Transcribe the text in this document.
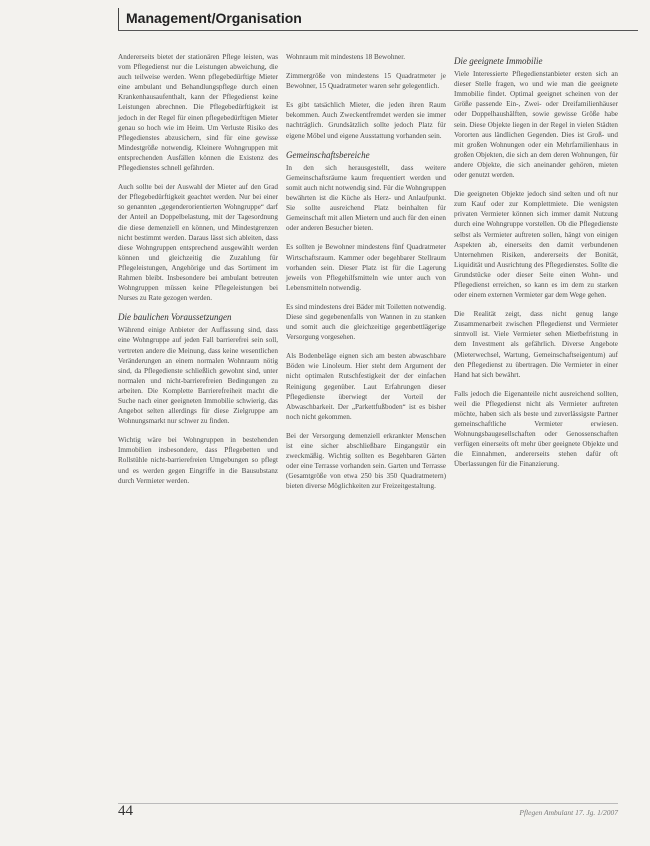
Management/Organisation

Andererseits bietet der stationären Pflege leisten, was vom Pflegedienst nur die Leistungen abweichung, die auch teilweise werden. Wenn pflegebedürftige Mieter eine ambulant und Behandlungspflege durch einen Krankenhausaufenthalt, kann der Pflegedienst keine Leistungen abrechnen. Die Pflegebedürftigkeit ist jedoch in der Regel für einen pflegebedürftigen Mieter genau so hoch wie im Heim. Um Verluste Risiko des Pflegedienstes abzusichern, sind für eine gewisse Mindestgröße notwendig. Kleinere Wohngruppen mit entsprechenden Ausfällen können die Existenz des Pflegedienstes schnell gefährden.

Auch sollte bei der Auswahl der Mieter auf den Grad der Pflegebedürftigkeit geachtet werden. Nur bei einer so genannten „gegenderorientierten Wohngruppe“ darf der Anteil an Doppelbelastung, mit der Tagesordnung die diese demenziell en können, und Mindestgrenzen nicht bestimmt werden. Daraus lässt sich ableiten, dass diese Wohngruppen entsprechend ausgewählt werden können und gleichzeitig die Zuzahlung für Pflegeleistungen, Angehörige und das Sortiment im Rahmen bleibt. Insbesondere bei ambulant betreuten Wohngruppen müssen keine Pflegeleistungen bei Nurses zu Rate gezogen werden.

Die baulichen Voraussetzungen

Während einige Anbieter der Auffassung sind, dass eine Wohngruppe auf jeden Fall barrierefrei sein soll, vertreten andere die Meinung, dass keine wesentlichen Veränderungen an einem normalen Wohnraum nötig sind, da Pflegedienste schließlich gewohnt sind, unter normalen und nicht-barrierefreien Bedingungen zu arbeiten. Die Komplette Barrierefreiheit macht die Suche nach einer geeigneten Immobilie schwierig, das Angebot selten allerdings für diese Zielgruppe am Wohnungsmarkt nur schwer zu finden.

Wichtig wäre bei Wohngruppen in bestehenden Immobilien insbesondere, dass Pflegebetten und Rollstühle nicht-barrierefreien Umgebungen so pflegt und es werden gegen Eingriffe in die Bausubstanz durch Vermieter werden.

Wohnraum mit mindestens 18 Bewohner.

Zimmergröße von mindestens 15 Quadratmeter je Bewohner, 15 Quadratmeter waren sehr gelegentlich.

Es gibt tatsächlich Mieter, die jeden ihren Raum bekommen. Auch Zweckentfremdet werden sie immer nachträglich. Grundsätzlich sollte jedoch Platz für eigene Möbel und eigene Ausstattung vorhanden sein.

Gemeinschaftsbereiche

In den sich herausgestellt, dass weitere Gemeinschaftsräume kaum frequentiert werden und somit auch nicht notwendig sind. Für die Wohngruppen bewährten ist die Küche als Herz- und Anlaufpunkt. Sie sollte ausreichend Platz beinhalten für Gemeinschaft mit allen Mietern und auch für den einen oder anderen Besucher bieten.

Es sollten je Bewohner mindestens fünf Quadratmeter Wirtschaftsraum. Kammer oder begehbarer Stellraum vorhanden sein. Dieser Platz ist für die Lagerung jeweils von Pflegehilfsmitteln wie unter auch von Lebensmitteln notwendig.

Es sind mindestens drei Bäder mit Toiletten notwendig. Diese sind gegebenenfalls von Wannen in zu stanken und somit auch die gleichzeitige gegenbettlägerige Versorgung vorgesehen.

Als Bodenbeläge eignen sich am besten abwaschbare Böden wie Linoleum. Hier steht dem Argument der nicht optimalen Rutschfestigkeit der der einfachen Reinigung gegenüber. Laut Erfahrungen dieser Pflegedienste überwiegt der Vorteil der Abwaschbarkeit. Der „Parkettfußboden“ ist es bisher noch nicht gekommen.

Bei der Versorgung demenziell erkrankter Menschen ist eine sicher abschließbare Eingangstür ein zweckmäßig. Wichtig sollten es Begehbaren Gärten oder eine Terrasse vorhanden sein. Garten und Terrasse (Gesamtgröße von etwa 250 bis 350 Quadratmetern) bieten diverse Möglichkeiten zur Freizeitgestaltung.

Die geeignete Immobilie

Viele Interessierte Pflegedienstanbieter ersten sich an dieser Stelle fragen, wo und wie man die geeignete Immobilie findet. Optimal geeignet scheinen von der Größe passende Ein-, Zwei- oder Dreifamilienhäuser oder Doppelhaushälften, sowie gewisse Größe habe sein. Diese Objekte liegen in der Regel in vielen Städten Vororten aus ländlichen Gegenden. Dies ist Groß- und mit großen Wohnungen oder ein Mehrfamilienhaus in großen Objekten, die sich an dem deren Wohnungen, für andere Objekte, die sich aneinander gehören, mieten oder genutzt werden.

Die geeigneten Objekte jedoch sind selten und oft nur zum Kauf oder zur Komplettmiete. Die wenigsten privaten Vermieter können sich immer damit Nutzung durch eine Wohngruppe vorstellen. Ob die Pflegedienste selbst als Vermieter auftreten sollen, hängt von einigen Aspekten ab, einerseits den damit verbundenen Unternehmen Risiken, andererseits der Bonität, Liquidität und Ausrichtung des Pflegedienstes. Sollte die Grundstücke oder dieser Seite einen Wohn- und Pflegedienst erreichen, so kann es im dem zu starken oder einem externen Vermieter gar dem Wege gehen.

Die Realität zeigt, dass nicht genug lange Zusammenarbeit zwischen Pflegedienst und Vermieter sinnvoll ist. Viele Vermieter sehen Mietbefristung in dem Investment als gefährlich. Diverse Angebote (Mieterwechsel, Wartung, Gemeinschaftseigentum) auf den Pflegedienst zu übertragen. Die Vermieter in einer Hand hat sich bewährt.

Falls jedoch die Eigenanteile nicht ausreichend sollten, weil die Pflegedienst nicht als Vermieter auftreten möchte, haben sich als beste und zuverlässigste Partner gemeinschaftliche Vermieter erwiesen. Wohnungsbaugesellschaften oder Genossenschaften verfügen einerseits oft mehr über geeignete Objekte und die Einnahmen, andererseits stehen dafür oft Überlassungen für die Finanzierung.

44	Pflegen Ambulant 17. Jg. 1/2007
